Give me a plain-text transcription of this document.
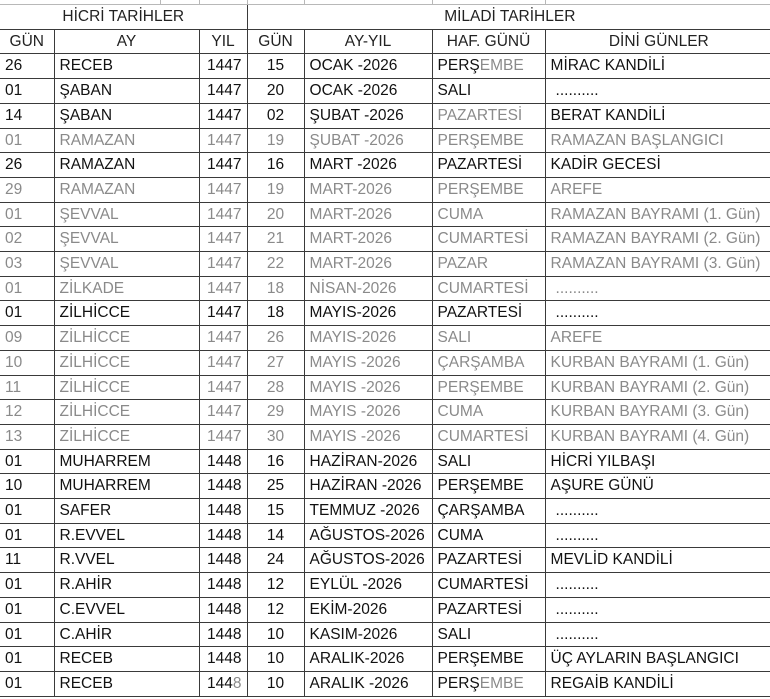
HİCRİ TARİHLER			MİLADİ TARİHLER			
GÜN	AY	YIL	GÜN	AY-YIL	HAF. GÜNÜ	DİNİ GÜNLER
26	RECEB	1447	15	OCAK -2026	PERŞEMBE	MİRAC KANDİLİ
01	ŞABAN	1447	20	OCAK -2026	SALI	..........
14	ŞABAN	1447	02	ŞUBAT -2026	PAZARTESİ	BERAT KANDİLİ
01	RAMAZAN	1447	19	ŞUBAT -2026	PERŞEMBE	RAMAZAN BAŞLANGICI
26	RAMAZAN	1447	16	MART -2026	PAZARTESİ	KADİR GECESİ
29	RAMAZAN	1447	19	MART-2026	PERŞEMBE	AREFE
01	ŞEVVAL	1447	20	MART-2026	CUMA	RAMAZAN BAYRAMI (1. Gün)
02	ŞEVVAL	1447	21	MART-2026	CUMARTESİ	RAMAZAN BAYRAMI (2. Gün)
03	ŞEVVAL	1447	22	MART-2026	PAZAR	RAMAZAN BAYRAMI (3. Gün)
01	ZİLKADE	1447	18	NİSAN-2026	CUMARTESİ	..........
01	ZİLHİCCE	1447	18	MAYIS-2026	PAZARTESİ	..........
09	ZİLHİCCE	1447	26	MAYIS-2026	SALI	AREFE
10	ZİLHİCCE	1447	27	MAYIS -2026	ÇARŞAMBA	KURBAN BAYRAMI (1. Gün)
11	ZİLHİCCE	1447	28	MAYIS -2026	PERŞEMBE	KURBAN BAYRAMI (2. Gün)
12	ZİLHİCCE	1447	29	MAYIS -2026	CUMA	KURBAN BAYRAMI (3. Gün)
13	ZİLHİCCE	1447	30	MAYIS -2026	CUMARTESİ	KURBAN BAYRAMI (4. Gün)
01	MUHARREM	1448	16	HAZİRAN-2026	SALI	HİCRİ YILBAŞI
10	MUHARREM	1448	25	HAZİRAN -2026	PERŞEMBE	AŞURE GÜNÜ
01	SAFER	1448	15	TEMMUZ -2026	ÇARŞAMBA	..........
01	R.EVVEL	1448	14	AĞUSTOS-2026	CUMA	..........
11	R.VVEL	1448	24	AĞUSTOS-2026	PAZARTESİ	MEVLİD KANDİLİ
01	R.AHİR	1448	12	EYLÜL -2026	CUMARTESİ	..........
01	C.EVVEL	1448	12	EKİM-2026	PAZARTESİ	..........
01	C.AHİR	1448	10	KASIM-2026	SALI	..........
01	RECEB	1448	10	ARALIK-2026	PERŞEMBE	ÜÇ AYLARIN BAŞLANGICI
01	RECEB	1448	10	ARALIK -2026	PERŞEMBE	REGAİB KANDİLİ
